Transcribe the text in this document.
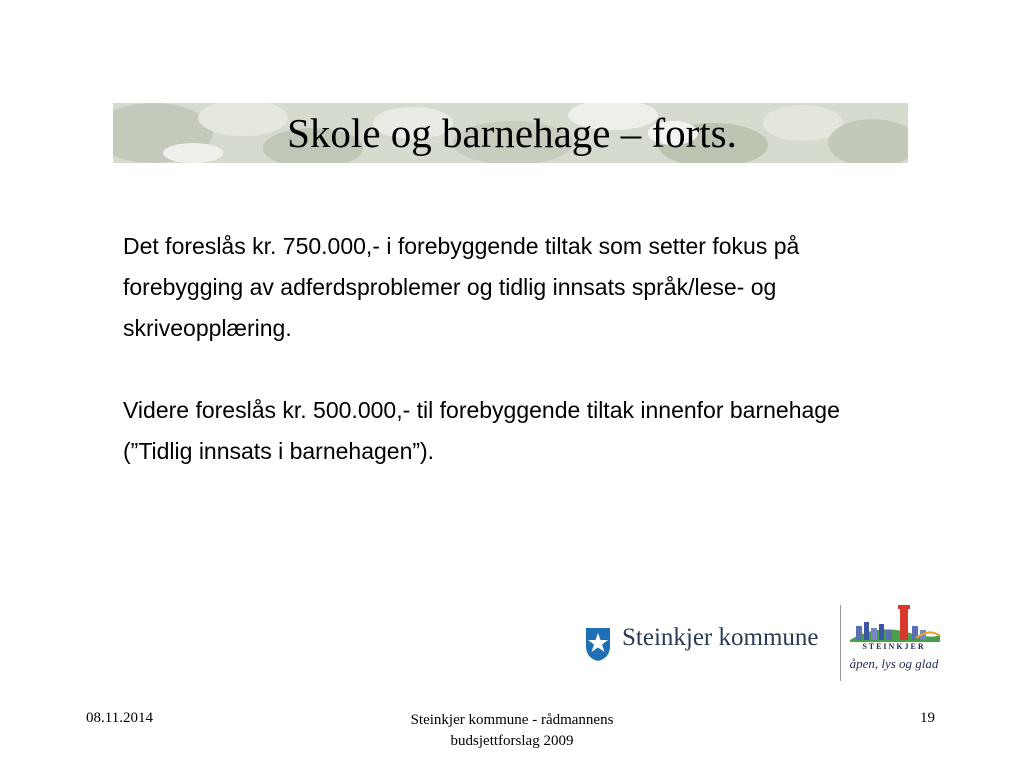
Skole og barnehage – forts.

Det foreslås kr. 750.000,- i forebyggende tiltak som setter fokus på forebygging av adferdsproblemer og tidlig innsats språk/lese- og skriveopplæring.

Videre foreslås kr. 500.000,- til forebyggende tiltak innenfor barnehage (”Tidlig innsats i barnehagen”).

Steinkjer kommune	STEINKJER
åpen, lys og glad
08.11.2014	Steinkjer kommune - rådmannens
budsjettforslag 2009
19
